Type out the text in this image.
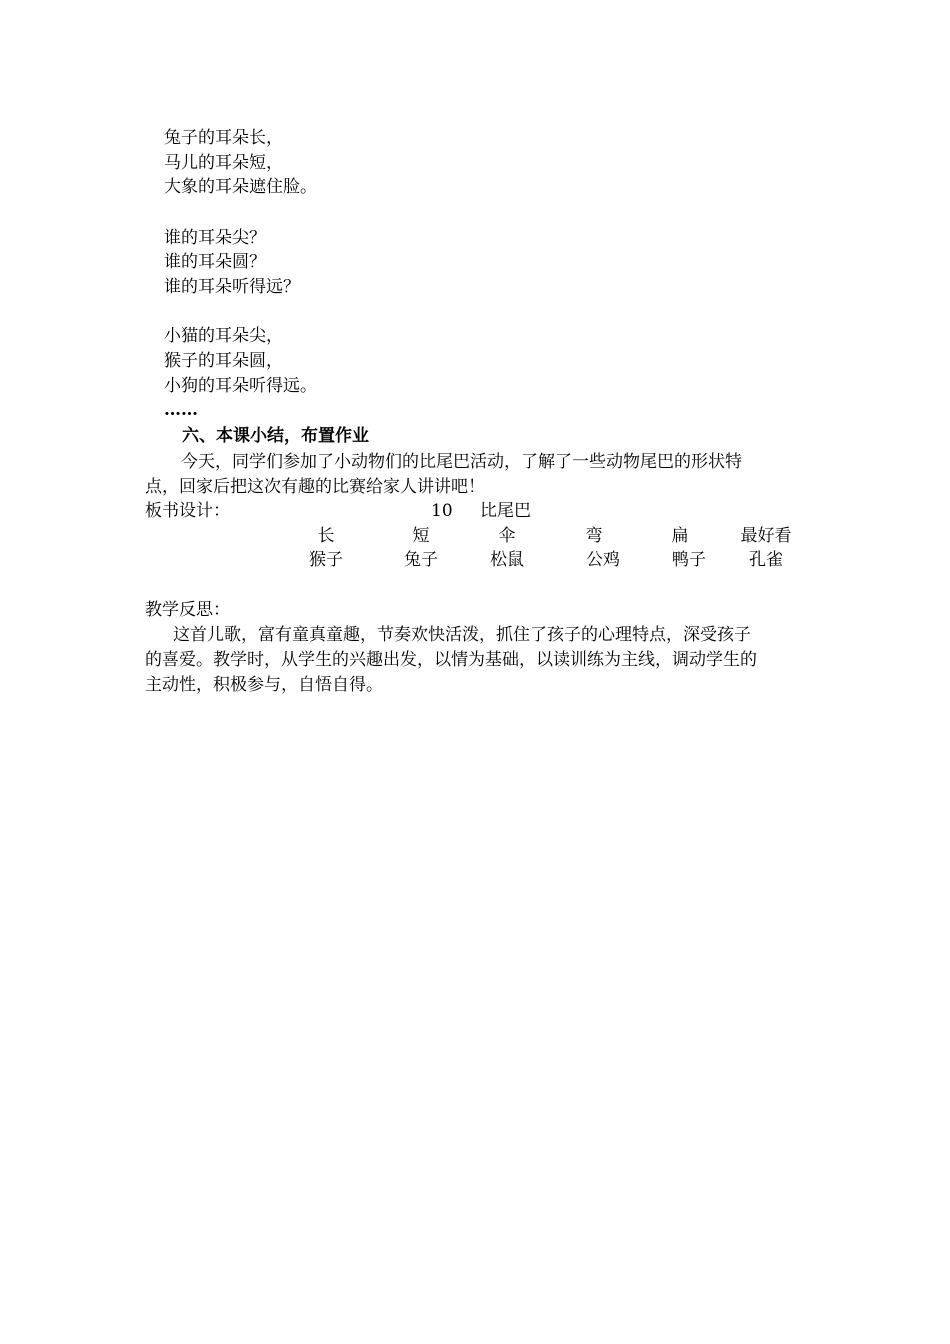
兔子的耳朵长，
马儿的耳朵短，
大象的耳朵遮住脸。
谁的耳朵尖？
谁的耳朵圆？
谁的耳朵听得远？
小猫的耳朵尖，
猴子的耳朵圆，
小狗的耳朵听得远。
……
六、本课小结，布置作业
今天，同学们参加了小动物们的比尾巴活动，了解了一些动物尾巴的形状特
点，回家后把这次有趣的比赛给家人讲讲吧！
板书设计：	10 比尾巴
长	短	伞	弯	扁	最好看
猴子	兔子	松鼠	公鸡	鸭子	孔雀
教学反思：
这首儿歌，富有童真童趣，节奏欢快活泼，抓住了孩子的心理特点，深受孩子
的喜爱。教学时，从学生的兴趣出发，以情为基础，以读训练为主线，调动学生的
主动性，积极参与，自悟自得。
